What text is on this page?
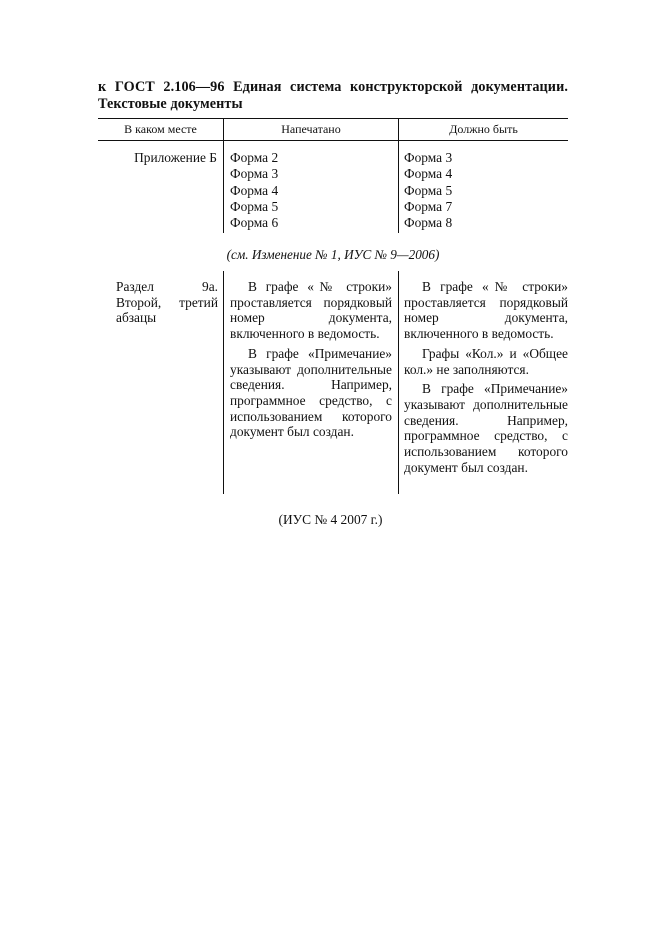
к ГОСТ 2.106—96 Единая система конструкторской документации. Текстовые документы
В каком месте	Напечатано	Должно быть
Приложение Б Форма 2
Форма 3
Форма 4
Форма 5
Форма 6
Форма 3
Форма 4
Форма 5
Форма 7
Форма 8
(см. Изменение № 1, ИУС № 9—2006)

Раздел 9а. Второй, третий абзацы

В графе «№ строки» проставляется порядковый номер документа, включенного в ведомость.

В графе «Примечание» указывают дополнительные сведения. Например, программное средство, с использованием которого документ был создан.

В графе «№ строки» проставляется порядковый номер документа, включенного в ведомость.

Графы «Кол.» и «Общее кол.» не заполняются.

В графе «Примечание» указывают дополнительные сведения. Например, программное средство, с использованием которого документ был создан.

(ИУС № 4 2007 г.)
